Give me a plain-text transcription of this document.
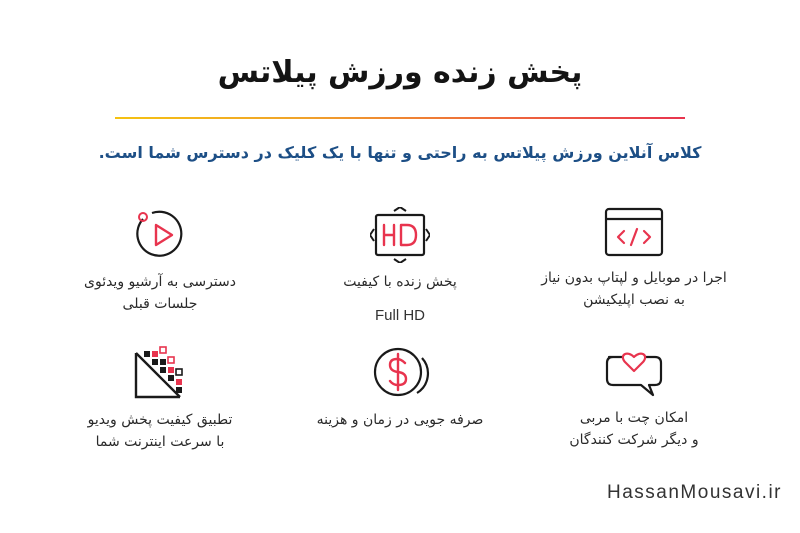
پخش زنده ورزش پیلاتس
کلاس آنلاین ورزش پیلاتس به راحتی و تنها با یک کلیک در دسترس شما است.
اجرا در موبایل و لپتاپ بدون نیاز
به نصب اپلیکیشن
پخش زنده با کیفیت
Full HD
دسترسی به آرشیو ویدئوی
جلسات قبلی
امکان چت با مربی
و دیگر شرکت کنندگان
صرفه جویی در زمان و هزینه
تطبیق کیفیت پخش ویدیو
با سرعت اینترنت شما
HassanMousavi.ir
